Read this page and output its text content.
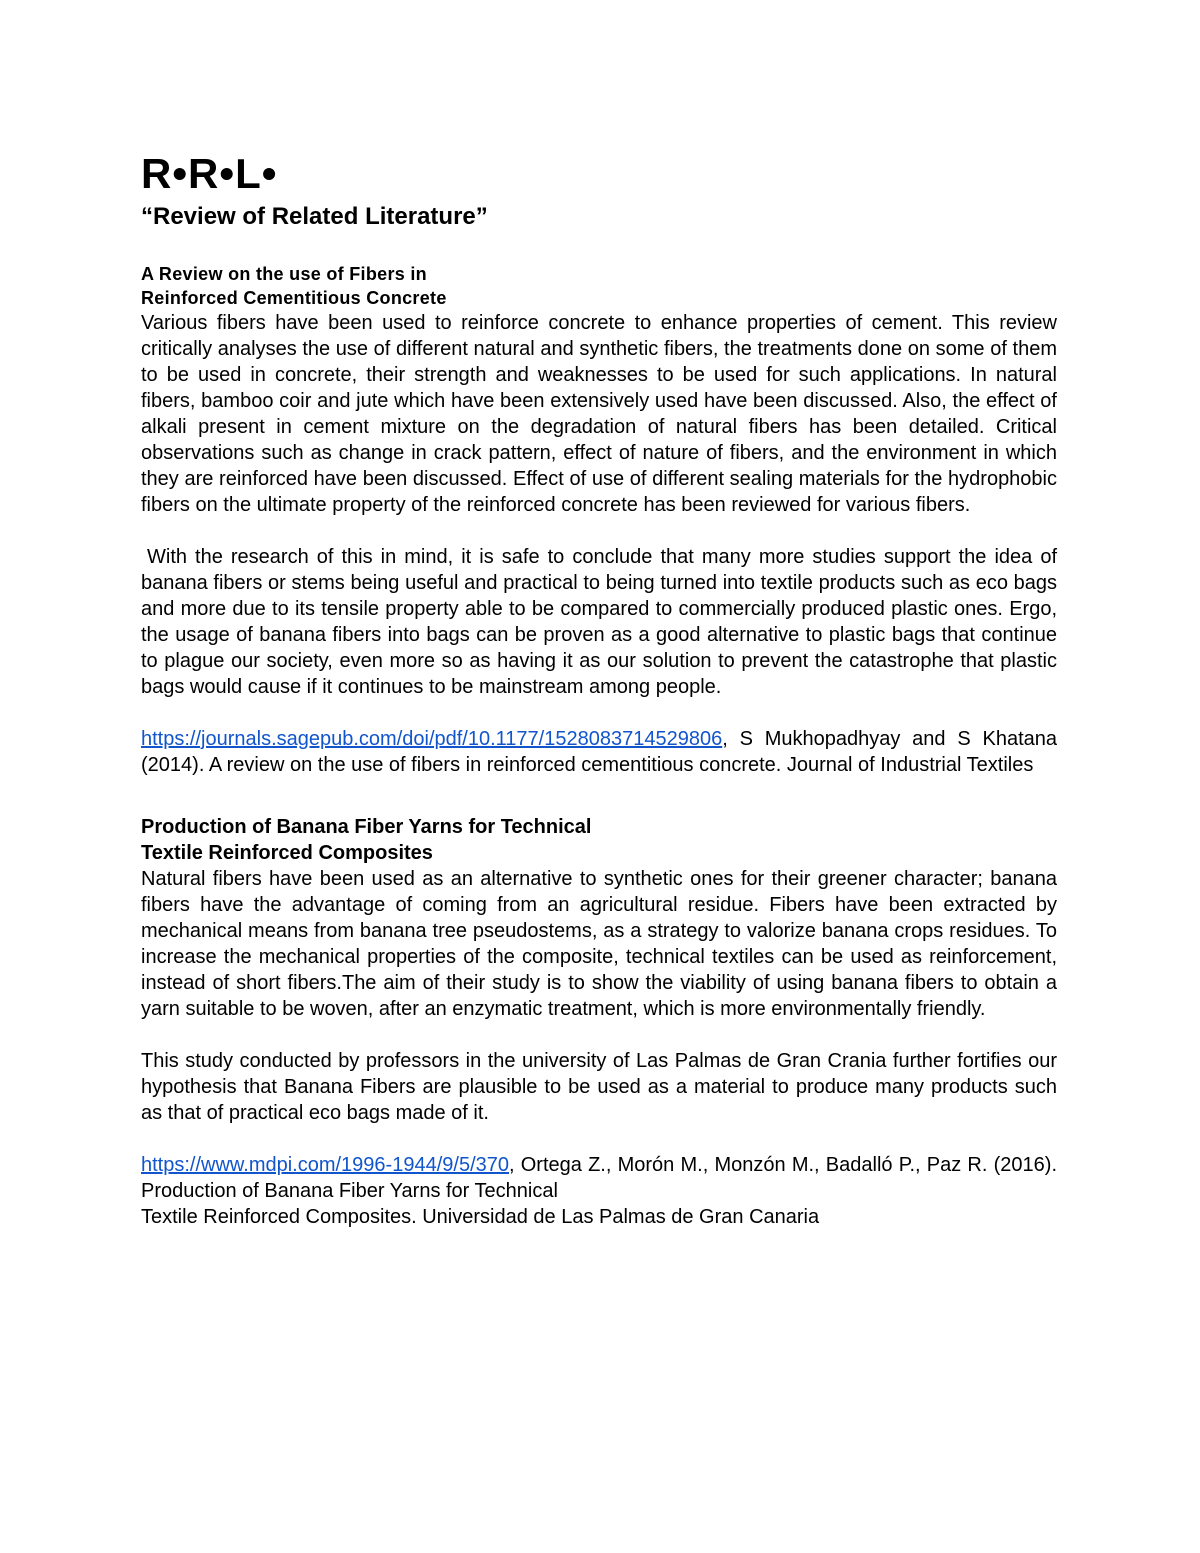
R•R•L•
“Review of Related Literature”
A Review on the use of Fibers in
Reinforced Cementitious Concrete

Various fibers have been used to reinforce concrete to enhance properties of cement. This review critically analyses the use of different natural and synthetic fibers, the treatments done on some of them to be used in concrete, their strength and weaknesses to be used for such applications. In natural fibers, bamboo coir and jute which have been extensively used have been discussed. Also, the effect of alkali present in cement mixture on the degradation of natural fibers has been detailed. Critical observations such as change in crack pattern, effect of nature of fibers, and the environment in which they are reinforced have been discussed. Effect of use of different sealing materials for the hydrophobic fibers on the ultimate property of the reinforced concrete has been reviewed for various fibers.

With the research of this in mind, it is safe to conclude that many more studies support the idea of banana fibers or stems being useful and practical to being turned into textile products such as eco bags and more due to its tensile property able to be compared to commercially produced plastic ones. Ergo, the usage of banana fibers into bags can be proven as a good alternative to plastic bags that continue to plague our society, even more so as having it as our solution to prevent the catastrophe that plastic bags would cause if it continues to be mainstream among people.

https://journals.sagepub.com/doi/pdf/10.1177/1528083714529806, S Mukhopadhyay and S Khatana (2014). A review on the use of fibers in reinforced cementitious concrete. Journal of Industrial Textiles

Production of Banana Fiber Yarns for Technical
Textile Reinforced Composites

Natural fibers have been used as an alternative to synthetic ones for their greener character; banana fibers have the advantage of coming from an agricultural residue. Fibers have been extracted by mechanical means from banana tree pseudostems, as a strategy to valorize banana crops residues. To increase the mechanical properties of the composite, technical textiles can be used as reinforcement, instead of short fibers.The aim of their study is to show the viability of using banana fibers to obtain a yarn suitable to be woven, after an enzymatic treatment, which is more environmentally friendly.

This study conducted by professors in the university of Las Palmas de Gran Crania further fortifies our hypothesis that Banana Fibers are plausible to be used as a material to produce many products such as that of practical eco bags made of it.

https://www.mdpi.com/1996-1944/9/5/370, Ortega Z., Morón M., Monzón M., Badalló P., Paz R. (2016). Production of Banana Fiber Yarns for Technical
Textile Reinforced Composites. Universidad de Las Palmas de Gran Canaria
